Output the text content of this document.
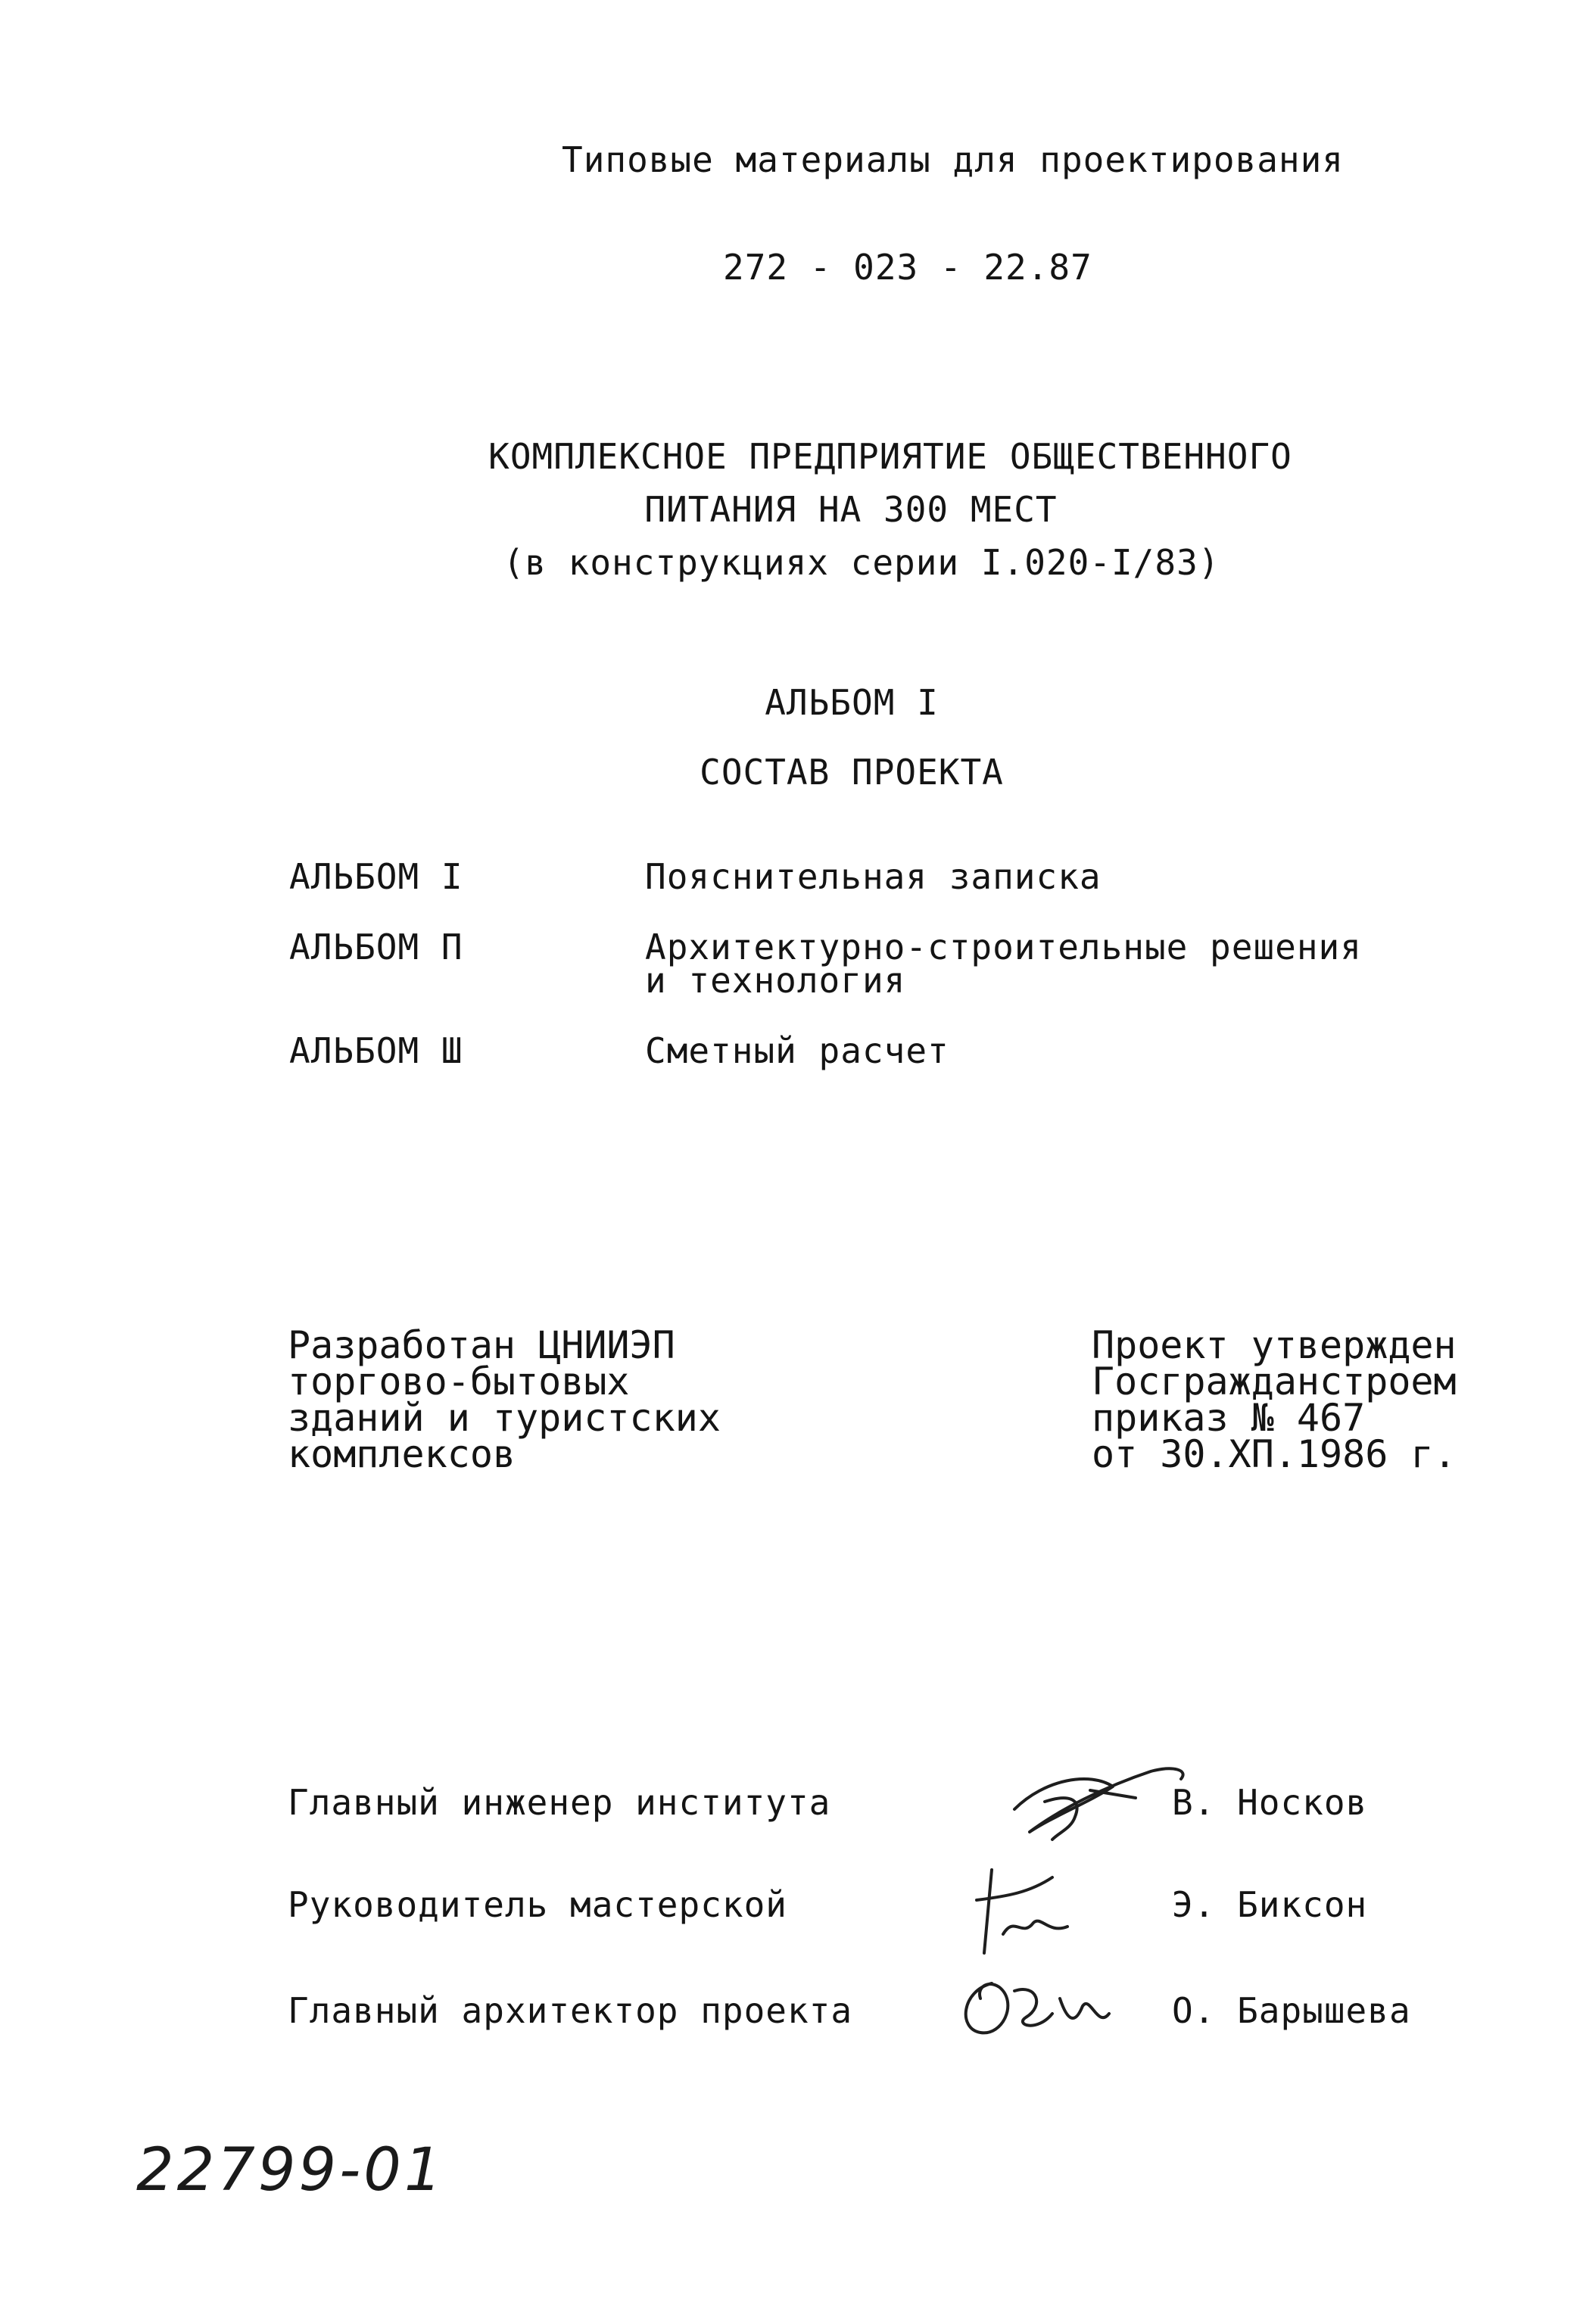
Типовые материалы для проектирования
272 - 023 - 22.87
КОМПЛЕКСНОЕ ПРЕДПРИЯТИЕ ОБЩЕСТВЕННОГО
ПИТАНИЯ НА 300 МЕСТ
(в конструкциях серии I.020-I/83)
АЛЬБОМ I
СОСТАВ ПРОЕКТА
АЛЬБОМ I	Пояснительная записка
АЛЬБОМ П	Архитектурно-строительные решения
и технология
АЛЬБОМ Ш	Сметный расчет
Разработан ЦНИИЭП
торгово-бытовых
зданий и туристских
комплексов
Проект утвержден
Госгражданстроем
приказ № 467
от 30.XП.1986 г.
Главный инженер института	В. Носков
Руководитель мастерской	Э. Биксон
Главный архитектор проекта	О. Барышева
22799-01
